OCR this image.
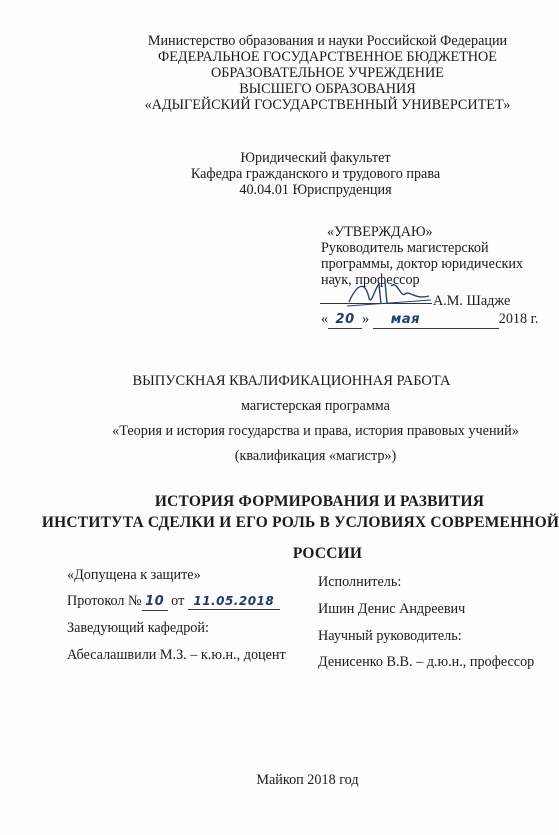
Министерство образования и науки Российской Федерации
ФЕДЕРАЛЬНОЕ ГОСУДАРСТВЕННОЕ БЮДЖЕТНОЕ
ОБРАЗОВАТЕЛЬНОЕ УЧРЕЖДЕНИЕ
ВЫСШЕГО ОБРАЗОВАНИЯ
«АДЫГЕЙСКИЙ ГОСУДАРСТВЕННЫЙ УНИВЕРСИТЕТ»
Юридический факультет
Кафедра гражданского и трудового права
40.04.01 Юриспруденция
«УТВЕРЖДАЮ»
Руководитель магистерской
программы, доктор юридических
наук, профессор
А.М. Шадже
« 20 » мая	2018 г.
ВЫПУСКНАЯ КВАЛИФИКАЦИОННАЯ РАБОТА
магистерская программа
«Теория и история государства и права, история правовых учений»
(квалификация «магистр»)
ИСТОРИЯ ФОРМИРОВАНИЯ И РАЗВИТИЯ
ИНСТИТУТА СДЕЛКИ И ЕГО РОЛЬ В УСЛОВИЯХ СОВРЕМЕННОЙ
РОССИИ
«Допущена к защите»
Протокол № 10 от 11.05.2018
Заведующий кафедрой:
Абесалашвили М.З. – к.ю.н., доцент
Исполнитель:
Ишин Денис Андреевич
Научный руководитель:
Денисенко В.В. – д.ю.н., профессор
Майкоп 2018 год
